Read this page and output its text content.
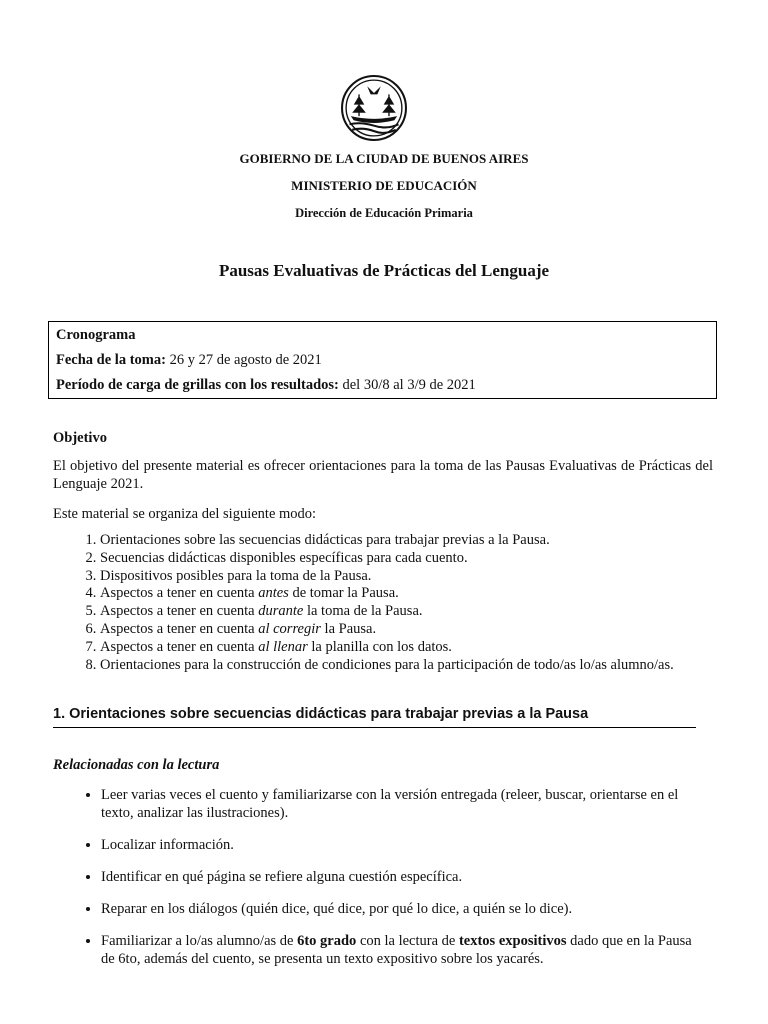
GOBIERNO DE LA CIUDAD DE BUENOS AIRES
MINISTERIO DE EDUCACIÓN
Dirección de Educación Primaria
Pausas Evaluativas de Prácticas del Lenguaje
Cronograma
Fecha de la toma: 26 y 27 de agosto de 2021
Período de carga de grillas con los resultados: del 30/8 al 3/9 de 2021
Objetivo
El objetivo del presente material es ofrecer orientaciones para la toma de las Pausas Evaluativas de Prácticas del Lenguaje 2021.
Este material se organiza del siguiente modo:
1. Orientaciones sobre las secuencias didácticas para trabajar previas a la Pausa.
2. Secuencias didácticas disponibles específicas para cada cuento.
3. Dispositivos posibles para la toma de la Pausa.
4. Aspectos a tener en cuenta antes de tomar la Pausa.
5. Aspectos a tener en cuenta durante la toma de la Pausa.
6. Aspectos a tener en cuenta al corregir la Pausa.
7. Aspectos a tener en cuenta al llenar la planilla con los datos.
8. Orientaciones para la construcción de condiciones para la participación de todo/as lo/as alumno/as.
1. Orientaciones sobre secuencias didácticas para trabajar previas a la Pausa
Relacionadas con la lectura
• Leer varias veces el cuento y familiarizarse con la versión entregada (releer, buscar, orientarse en el texto, analizar las ilustraciones).
• Localizar información.
• Identificar en qué página se refiere alguna cuestión específica.
• Reparar en los diálogos (quién dice, qué dice, por qué lo dice, a quién se lo dice).
• Familiarizar a lo/as alumno/as de 6to grado con la lectura de textos expositivos dado que en la Pausa de 6to, además del cuento, se presenta un texto expositivo sobre los yacarés.
